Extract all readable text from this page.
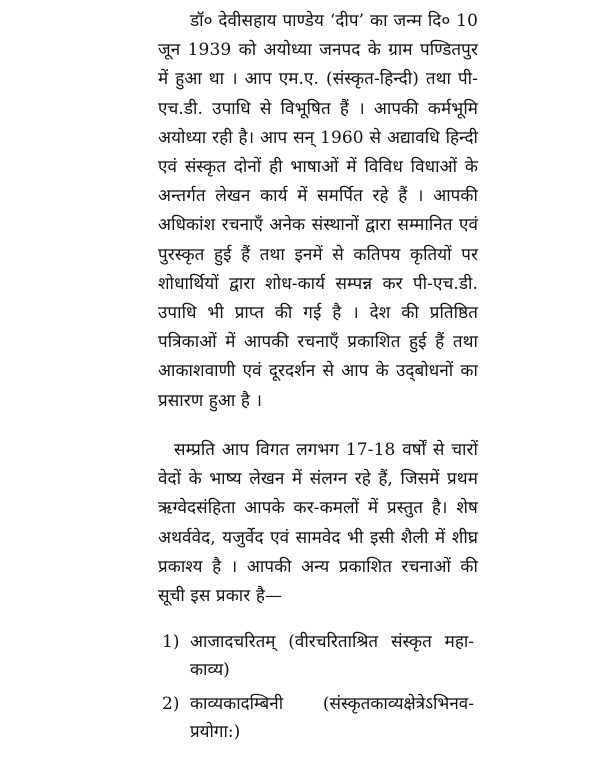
डॉ० देवीसहाय पाण्डेय ‘दीप’ का जन्म दि० 10 जून 1939 को अयोध्या जनपद के ग्राम पण्डितपुर में हुआ था । आप एम.ए. (संस्कृत-हिन्दी) तथा पी-एच.डी. उपाधि से विभूषित हैं । आपकी कर्मभूमि अयोध्या रही है। आप सन् 1960 से अद्यावधि हिन्दी एवं संस्कृत दोनों ही भाषाओं में विविध विधाओं के अन्तर्गत लेखन कार्य में समर्पित रहे हैं । आपकी अधिकांश रचनाएँ अनेक संस्थानों द्वारा सम्मानित एवं पुरस्कृत हुई हैं तथा इनमें से कतिपय कृतियों पर शोधार्थियों द्वारा शोध-कार्य सम्पन्न कर पी-एच.डी. उपाधि भी प्राप्त की गई है । देश की प्रतिष्ठित पत्रिकाओं में आपकी रचनाएँ प्रकाशित हुई हैं तथा आकाशवाणी एवं दूरदर्शन से आप के उद्‌बोधनों का प्रसारण हुआ है ।

सम्प्रति आप विगत लगभग 17-18 वर्षों से चारों वेदों के भाष्य लेखन में संलग्न रहे हैं, जिसमें प्रथम ऋग्वेदसंहिता आपके कर-कमलों में प्रस्तुत है। शेष अथर्ववेद, यजुर्वेद एवं सामवेद भी इसी शैली में शीघ्र प्रकाश्य है । आपकी अन्य प्रकाशित रचनाओं की सूची इस प्रकार है—

1) आजादचरितम् (वीरचरिताश्रित संस्कृत महा-काव्य)
2) काव्यकादम्बिनी (संस्कृतकाव्यक्षेत्रेऽभिनव-प्रयोगा:)
